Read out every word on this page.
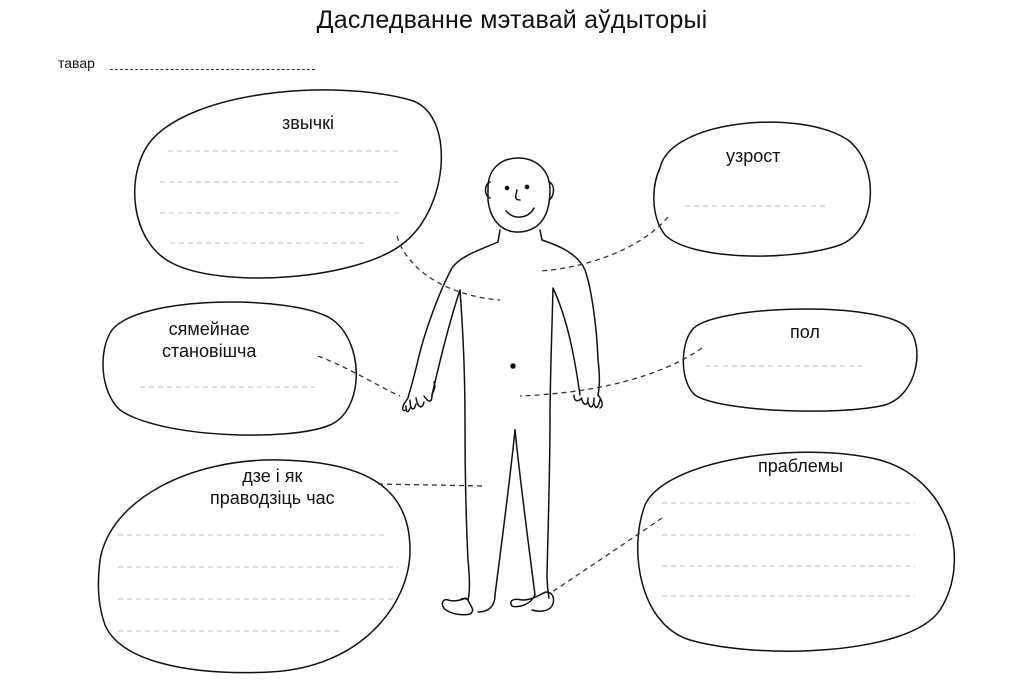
Даследванне мэтавай аўдыторыі
тавар
звычкі
узрост
сямейнае
становішча
пол
дзе і як
праводзіць час
праблемы
